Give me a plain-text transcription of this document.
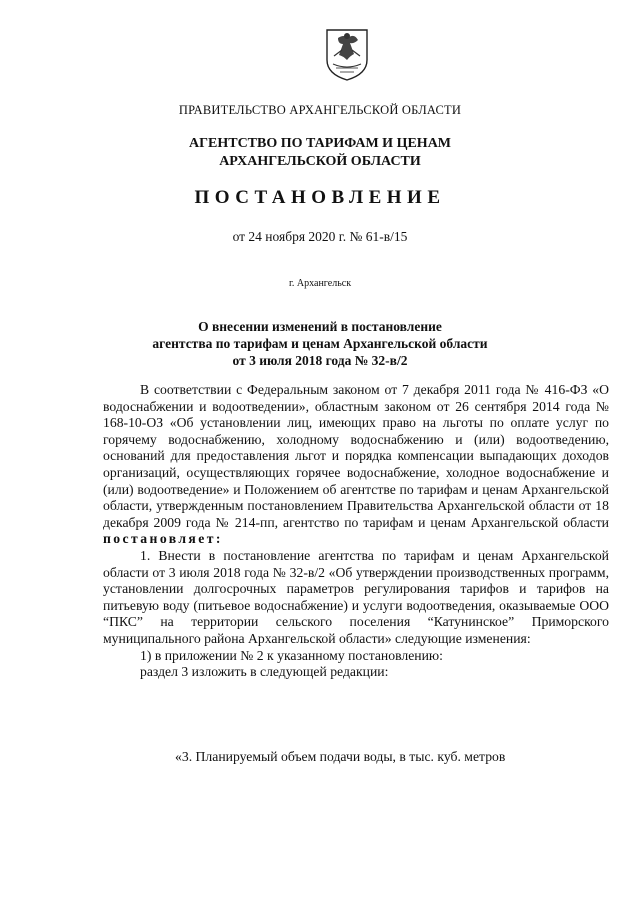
ПРАВИТЕЛЬСТВО АРХАНГЕЛЬСКОЙ ОБЛАСТИ
АГЕНТСТВО ПО ТАРИФАМ И ЦЕНАМ
АРХАНГЕЛЬСКОЙ ОБЛАСТИ
ПОСТАНОВЛЕНИЕ
от 24 ноября 2020 г. № 61-в/15
г. Архангельск
О внесении изменений в постановление
агентства по тарифам и ценам Архангельской области
от 3 июля 2018 года № 32-в/2

В соответствии с Федеральным законом от 7 декабря 2011 года № 416-ФЗ «О водоснабжении и водоотведении», областным законом от 26 сентября 2014 года № 168-10-ОЗ «Об установлении лиц, имеющих право на льготы по оплате услуг по горячему водоснабжению, холодному водоснабжению и (или) водоотведению, оснований для предоставления льгот и порядка компенсации выпадающих доходов организаций, осуществляющих горячее водоснабжение, холодное водоснабжение и (или) водоотведение» и Положением об агентстве по тарифам и ценам Архангельской области, утвержденным постановлением Правительства Архангельской области от 18 декабря 2009 года № 214-пп, агентство по тарифам и ценам Архангельской области постановляет:

1. Внести в постановление агентства по тарифам и ценам Архангельской области от 3 июля 2018 года № 32-в/2 «Об утверждении производственных программ, установлении долгосрочных параметров регулирования тарифов и тарифов на питьевую воду (питьевое водоснабжение) и услуги водоотведения, оказываемые ООО “ПКС” на территории сельского поселения “Катунинское” Приморского муниципального района Архангельской области» следующие изменения:

1) в приложении № 2 к указанному постановлению:

раздел 3 изложить в следующей редакции:

«3. Планируемый объем подачи воды, в тыс. куб. метров
